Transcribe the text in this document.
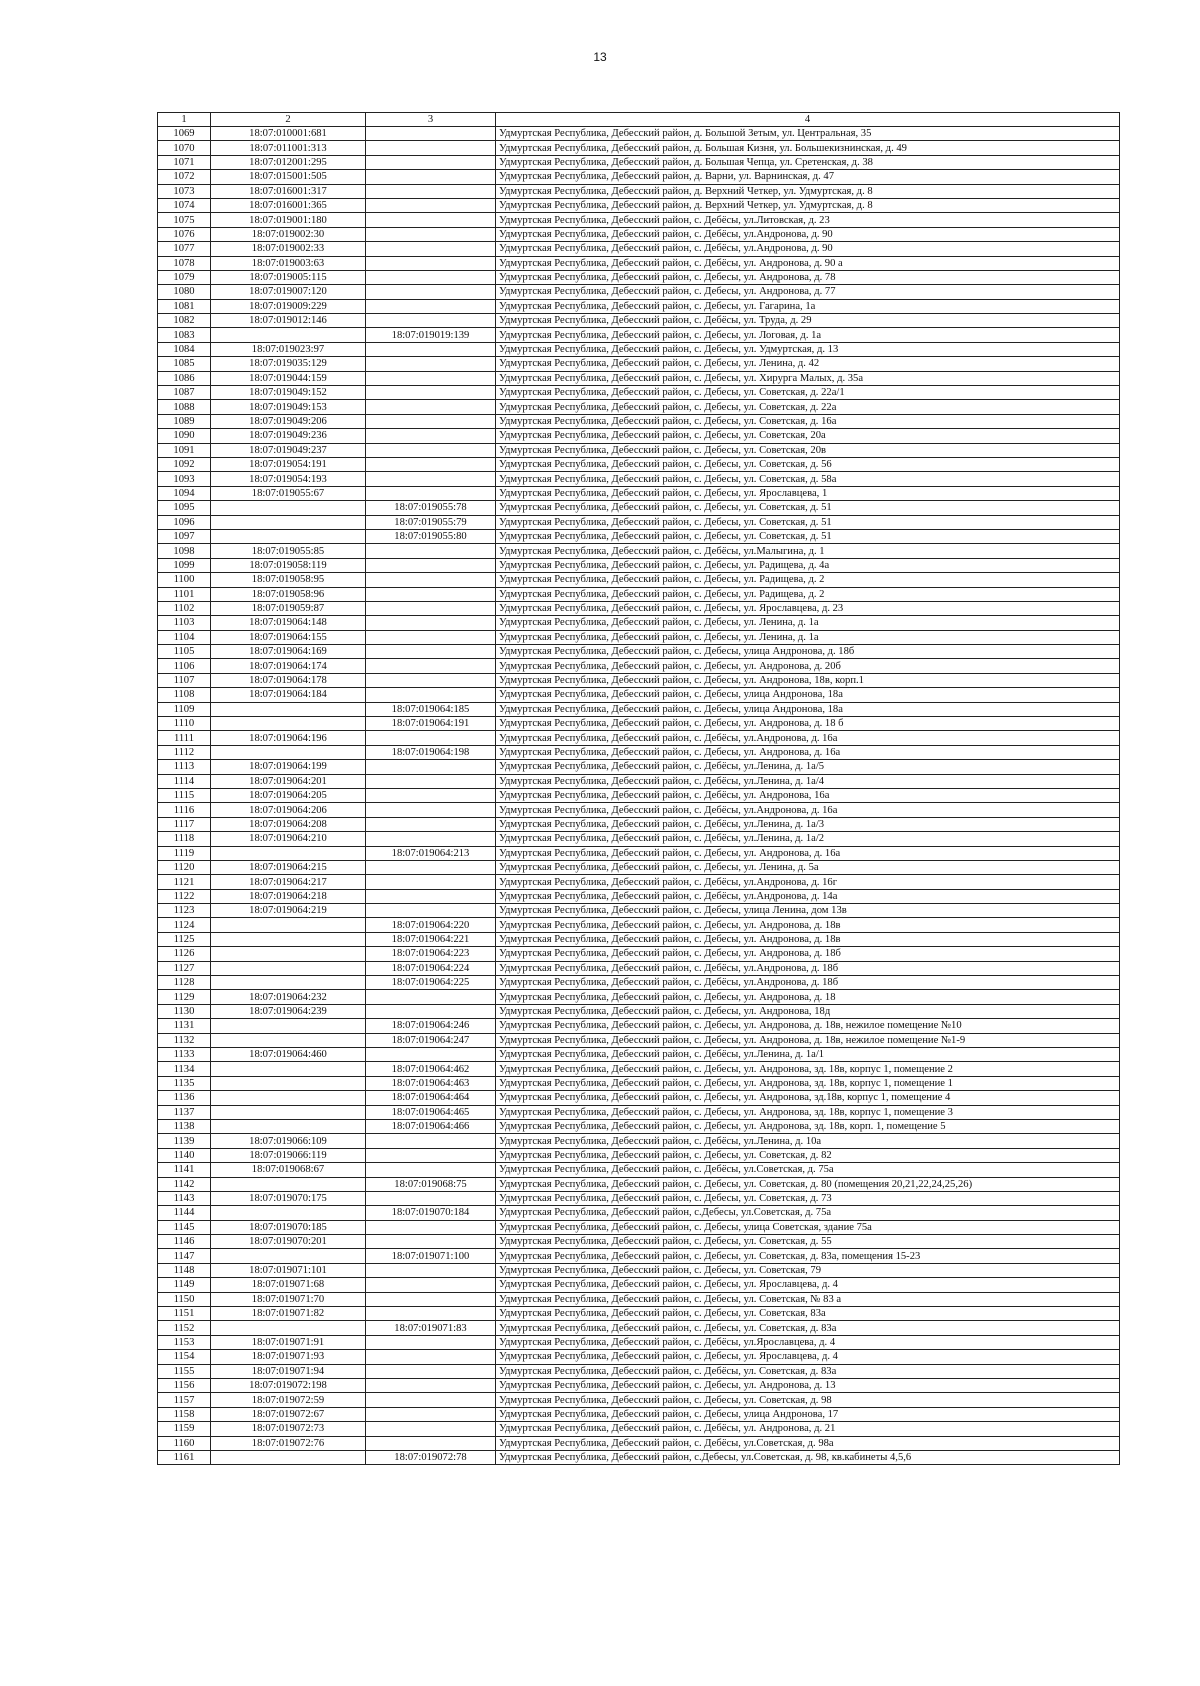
13
1	2	3	4
1069	18:07:010001:681		Удмуртская Республика, Дебесский район, д. Большой Зетым, ул. Центральная, 35
1070	18:07:011001:313		Удмуртская Республика, Дебесский район, д. Большая Кизня, ул. Большекизнинская, д. 49
1071	18:07:012001:295		Удмуртская Республика, Дебесский район, д. Большая Чепца, ул. Сретенская, д. 38
1072	18:07:015001:505		Удмуртская Республика, Дебесский район, д. Варни, ул. Варнинская, д. 47
1073	18:07:016001:317		Удмуртская Республика, Дебесский район, д. Верхний Четкер, ул. Удмуртская, д. 8
1074	18:07:016001:365		Удмуртская Республика, Дебесский район, д. Верхний Четкер, ул. Удмуртская, д. 8
1075	18:07:019001:180		Удмуртская Республика, Дебесский район, с. Дебёсы, ул.Литовская, д. 23
1076	18:07:019002:30		Удмуртская Республика, Дебесский район, с. Дебёсы, ул.Андронова, д. 90
1077	18:07:019002:33		Удмуртская Республика, Дебесский район, с. Дебёсы, ул.Андронова, д. 90
1078	18:07:019003:63		Удмуртская Республика, Дебесский район, с. Дебёсы, ул. Андронова, д. 90 а
1079	18:07:019005:115		Удмуртская Республика, Дебесский район, с. Дебесы, ул. Андронова, д. 78
1080	18:07:019007:120		Удмуртская Республика, Дебесский район, с. Дебесы, ул. Андронова, д. 77
1081	18:07:019009:229		Удмуртская Республика, Дебесский район, с. Дебесы, ул. Гагарина, 1а
1082	18:07:019012:146		Удмуртская Республика, Дебесский район, с. Дебёсы, ул. Труда, д. 29
1083		18:07:019019:139	Удмуртская Республика, Дебесский район, с. Дебесы, ул. Логовая, д. 1а
1084	18:07:019023:97		Удмуртская Республика, Дебесский район, с. Дебесы, ул. Удмуртская, д. 13
1085	18:07:019035:129		Удмуртская Республика, Дебесский район, с. Дебесы, ул. Ленина, д. 42
1086	18:07:019044:159		Удмуртская Республика, Дебесский район, с. Дебесы, ул. Хирурга Малых, д. 35а
1087	18:07:019049:152		Удмуртская Республика, Дебесский район, с. Дебесы, ул. Советская, д. 22а/1
1088	18:07:019049:153		Удмуртская Республика, Дебесский район, с. Дебесы, ул. Советская, д. 22а
1089	18:07:019049:206		Удмуртская Республика, Дебесский район, с. Дебесы, ул. Советская, д. 16а
1090	18:07:019049:236		Удмуртская Республика, Дебесский район, с. Дебесы, ул. Советская, 20а
1091	18:07:019049:237		Удмуртская Республика, Дебесский район, с. Дебесы, ул. Советская, 20в
1092	18:07:019054:191		Удмуртская Республика, Дебесский район, с. Дебесы, ул. Советская, д. 56
1093	18:07:019054:193		Удмуртская Республика, Дебесский район, с. Дебесы, ул. Советская, д. 58а
1094	18:07:019055:67		Удмуртская Республика, Дебесский район, с. Дебесы, ул. Ярославцева, 1
1095		18:07:019055:78	Удмуртская Республика, Дебесский район, с. Дебесы, ул. Советская, д. 51
1096		18:07:019055:79	Удмуртская Республика, Дебесский район, с. Дебесы, ул. Советская, д. 51
1097		18:07:019055:80	Удмуртская Республика, Дебесский район, с. Дебесы, ул. Советская, д. 51
1098	18:07:019055:85		Удмуртская Республика, Дебесский район, с. Дебёсы, ул.Малыгина, д. 1
1099	18:07:019058:119		Удмуртская Республика, Дебесский район, с. Дебесы, ул. Радищева, д. 4а
1100	18:07:019058:95		Удмуртская Республика, Дебесский район, с. Дебесы, ул. Радищева, д. 2
1101	18:07:019058:96		Удмуртская Республика, Дебесский район, с. Дебесы, ул. Радищева, д. 2
1102	18:07:019059:87		Удмуртская Республика, Дебесский район, с. Дебесы, ул. Ярославцева, д. 23
1103	18:07:019064:148		Удмуртская Республика, Дебесский район, с. Дебесы, ул. Ленина, д. 1а
1104	18:07:019064:155		Удмуртская Республика, Дебесский район, с. Дебесы, ул. Ленина, д. 1а
1105	18:07:019064:169		Удмуртская Республика, Дебесский район, с. Дебесы, улица Андронова, д. 18б
1106	18:07:019064:174		Удмуртская Республика, Дебесский район, с. Дебесы, ул. Андронова, д. 20б
1107	18:07:019064:178		Удмуртская Республика, Дебесский район, с. Дебесы, ул. Андронова, 18в, корп.1
1108	18:07:019064:184		Удмуртская Республика, Дебесский район, с. Дебесы, улица Андронова, 18а
1109		18:07:019064:185	Удмуртская Республика, Дебесский район, с. Дебесы, улица Андронова, 18а
1110		18:07:019064:191	Удмуртская Республика, Дебесский район, с. Дебесы, ул. Андронова, д. 18 б
1111	18:07:019064:196		Удмуртская Республика, Дебесский район, с. Дебёсы, ул.Андронова, д. 16а
1112		18:07:019064:198	Удмуртская Республика, Дебесский район, с. Дебесы, ул. Андронова, д. 16а
1113	18:07:019064:199		Удмуртская Республика, Дебесский район, с. Дебёсы, ул.Ленина, д. 1а/5
1114	18:07:019064:201		Удмуртская Республика, Дебесский район, с. Дебёсы, ул.Ленина, д. 1а/4
1115	18:07:019064:205		Удмуртская Республика, Дебесский район, с. Дебёсы, ул. Андронова, 16а
1116	18:07:019064:206		Удмуртская Республика, Дебесский район, с. Дебёсы, ул.Андронова, д. 16а
1117	18:07:019064:208		Удмуртская Республика, Дебесский район, с. Дебёсы, ул.Ленина, д. 1а/3
1118	18:07:019064:210		Удмуртская Республика, Дебесский район, с. Дебёсы, ул.Ленина, д. 1а/2
1119		18:07:019064:213	Удмуртская Республика, Дебесский район, с. Дебесы, ул. Андронова, д. 16а
1120	18:07:019064:215		Удмуртская Республика, Дебесский район, с. Дебесы, ул. Ленина, д. 5а
1121	18:07:019064:217		Удмуртская Республика, Дебесский район, с. Дебёсы, ул.Андронова, д. 16г
1122	18:07:019064:218		Удмуртская Республика, Дебесский район, с. Дебёсы, ул.Андронова, д. 14а
1123	18:07:019064:219		Удмуртская Республика, Дебесский район, с. Дебесы, улица Ленина, дом 13в
1124		18:07:019064:220	Удмуртская Республика, Дебесский район, с. Дебесы, ул. Андронова, д. 18в
1125		18:07:019064:221	Удмуртская Республика, Дебесский район, с. Дебесы, ул. Андронова, д. 18в
1126		18:07:019064:223	Удмуртская Республика, Дебесский район, с. Дебесы, ул. Андронова, д. 18б
1127		18:07:019064:224	Удмуртская Республика, Дебесский район, с. Дебёсы, ул.Андронова, д. 18б
1128		18:07:019064:225	Удмуртская Республика, Дебесский район, с. Дебёсы, ул.Андронова, д. 18б
1129	18:07:019064:232		Удмуртская Республика, Дебесский район, с. Дебесы, ул. Андронова, д. 18
1130	18:07:019064:239		Удмуртская Республика, Дебесский район, с. Дебесы, ул. Андронова, 18д
1131		18:07:019064:246	Удмуртская Республика, Дебесский район, с. Дебесы, ул. Андронова, д. 18в, нежилое помещение №10
1132		18:07:019064:247	Удмуртская Республика, Дебесский район, с. Дебесы, ул. Андронова, д. 18в, нежилое помещение №1-9
1133	18:07:019064:460		Удмуртская Республика, Дебесский район, с. Дебёсы, ул.Ленина, д. 1а/1
1134		18:07:019064:462	Удмуртская Республика, Дебесский район, с. Дебесы, ул. Андронова, зд. 18в, корпус 1, помещение 2
1135		18:07:019064:463	Удмуртская Республика, Дебесский район, с. Дебесы, ул. Андронова, зд. 18в, корпус 1, помещение 1
1136		18:07:019064:464	Удмуртская Республика, Дебесский район, с. Дебесы, ул. Андронова, зд.18в, корпус 1, помещение 4
1137		18:07:019064:465	Удмуртская Республика, Дебесский район, с. Дебесы, ул. Андронова, зд. 18в, корпус 1, помещение 3
1138		18:07:019064:466	Удмуртская Республика, Дебесский район, с. Дебесы, ул. Андронова, зд. 18в, корп. 1, помещение 5
1139	18:07:019066:109		Удмуртская Республика, Дебесский район, с. Дебёсы, ул.Ленина, д. 10а
1140	18:07:019066:119		Удмуртская Республика, Дебесский район, с. Дебесы, ул. Советская, д. 82
1141	18:07:019068:67		Удмуртская Республика, Дебесский район, с. Дебёсы, ул.Советская, д. 75а
1142		18:07:019068:75	Удмуртская Республика, Дебесский район, с. Дебесы, ул. Советская, д. 80 (помещения 20,21,22,24,25,26)
1143	18:07:019070:175		Удмуртская Республика, Дебесский район, с. Дебесы, ул. Советская, д. 73
1144		18:07:019070:184	Удмуртская Республика, Дебесский район, с.Дебесы, ул.Советская, д. 75а
1145	18:07:019070:185		Удмуртская Республика, Дебесский район, с. Дебесы, улица Советская, здание 75а
1146	18:07:019070:201		Удмуртская Республика, Дебесский район, с. Дебесы, ул. Советская, д. 55
1147		18:07:019071:100	Удмуртская Республика, Дебесский район, с. Дебесы, ул. Советская, д. 83а, помещения 15-23
1148	18:07:019071:101		Удмуртская Республика, Дебесский район, с. Дебесы, ул. Советская, 79
1149	18:07:019071:68		Удмуртская Республика, Дебесский район, с. Дебесы, ул. Ярославцева, д. 4
1150	18:07:019071:70		Удмуртская Республика, Дебесский район, с. Дебесы, ул. Советская, № 83 а
1151	18:07:019071:82		Удмуртская Республика, Дебесский район, с. Дебесы, ул. Советская, 83а
1152		18:07:019071:83	Удмуртская Республика, Дебесский район, с. Дебесы, ул. Советская, д. 83а
1153	18:07:019071:91		Удмуртская Республика, Дебесский район, с. Дебёсы, ул.Ярославцева, д. 4
1154	18:07:019071:93		Удмуртская Республика, Дебесский район, с. Дебесы, ул. Ярославцева, д. 4
1155	18:07:019071:94		Удмуртская Республика, Дебесский район, с. Дебёсы, ул. Советская, д. 83а
1156	18:07:019072:198		Удмуртская Республика, Дебесский район, с. Дебесы, ул. Андронова, д. 13
1157	18:07:019072:59		Удмуртская Республика, Дебесский район, с. Дебесы, ул. Советская, д. 98
1158	18:07:019072:67		Удмуртская Республика, Дебесский район, с. Дебесы, улица Андронова, 17
1159	18:07:019072:73		Удмуртская Республика, Дебесский район, с. Дебёсы, ул. Андронова, д. 21
1160	18:07:019072:76		Удмуртская Республика, Дебесский район, с. Дебёсы, ул.Советская, д. 98а
1161		18:07:019072:78	Удмуртская Республика, Дебесский район, с.Дебесы, ул.Советская, д. 98, кв.кабинеты 4,5,6
